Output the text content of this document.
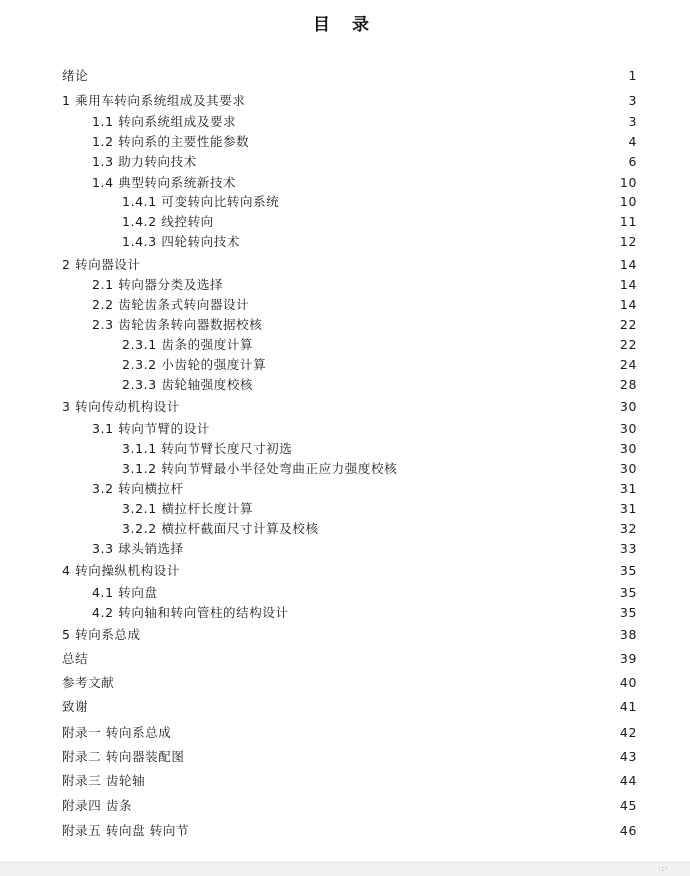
目 录
绪论	1
1 乘用车转向系统组成及其要求	3
1.1 转向系统组成及要求	3
1.2 转向系的主要性能参数	4
1.3 助力转向技术	6
1.4 典型转向系统新技术	10
1.4.1 可变转向比转向系统	10
1.4.2 线控转向	11
1.4.3 四轮转向技术	12
2 转向器设计	14
2.1 转向器分类及选择	14
2.2 齿轮齿条式转向器设计	14
2.3 齿轮齿条转向器数据校核	22
2.3.1 齿条的强度计算	22
2.3.2 小齿轮的强度计算	24
2.3.3 齿轮轴强度校核	28
3 转向传动机构设计	30
3.1 转向节臂的设计	30
3.1.1 转向节臂长度尺寸初选	30
3.1.2 转向节臂最小半径处弯曲正应力强度校核	30
3.2 转向横拉杆	31
3.2.1 横拉杆长度计算	31
3.2.2 横拉杆截面尺寸计算及校核	32
3.3 球头销选择	33
4 转向操纵机构设计	35
4.1 转向盘	35
4.2 转向轴和转向管柱的结构设计	35
5 转向系总成	38
总结	39
参考文献	40
致谢	41
附录一 转向系总成	42
附录二 转向器装配图	43
附录三 齿轮轴	44
附录四 齿条	45
附录五 转向盘 转向节	46
·:·
